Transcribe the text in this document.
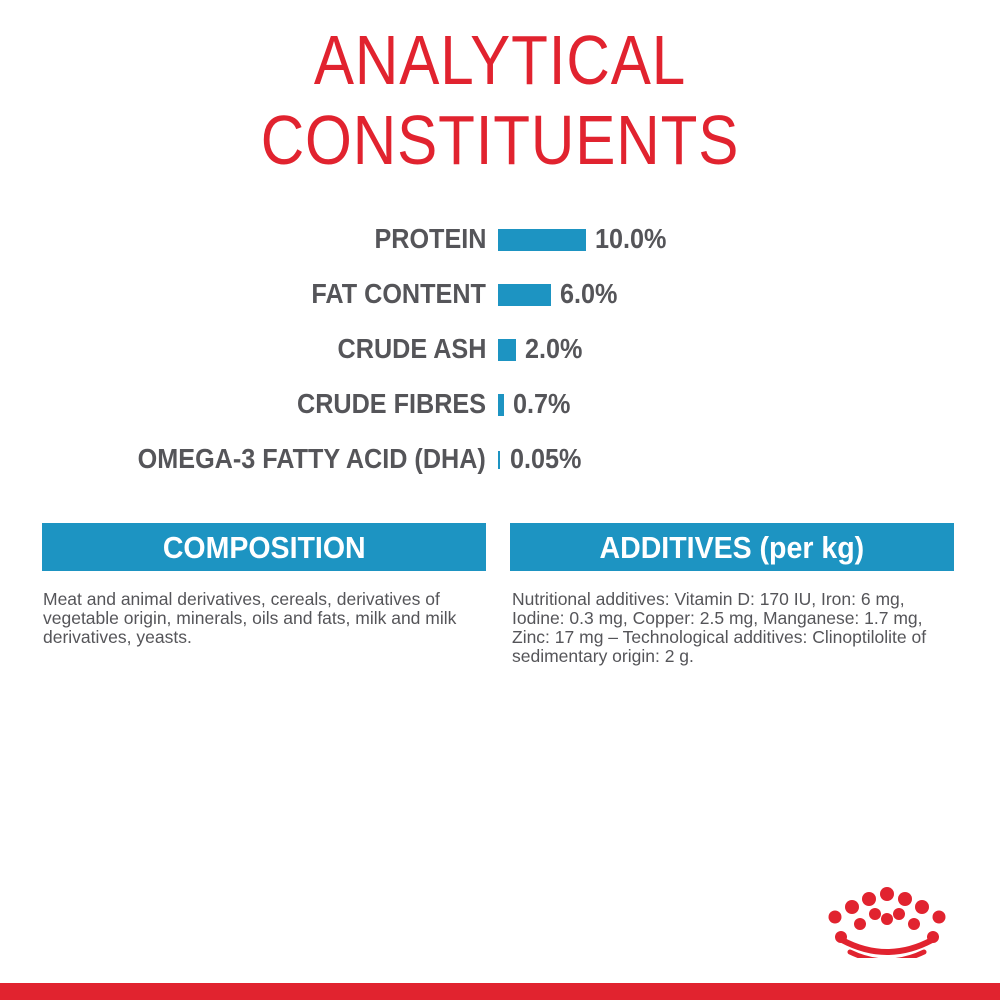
ANALYTICAL
CONSTITUENTS
PROTEIN	10.0%
FAT CONTENT	6.0%
CRUDE ASH 2.0%
CRUDE FIBRES 0.7%
OMEGA-3 FATTY ACID (DHA) 0.05%
COMPOSITION
Meat and animal derivatives, cereals, derivatives of vegetable origin, minerals, oils and fats, milk and milk derivatives, yeasts.
ADDITIVES (per kg)
Nutritional additives: Vitamin D: 170 IU, Iron: 6 mg, Iodine: 0.3 mg, Copper: 2.5 mg, Manganese: 1.7 mg, Zinc: 17 mg – Technological additives: Clinoptilolite of sedimentary origin: 2 g.
